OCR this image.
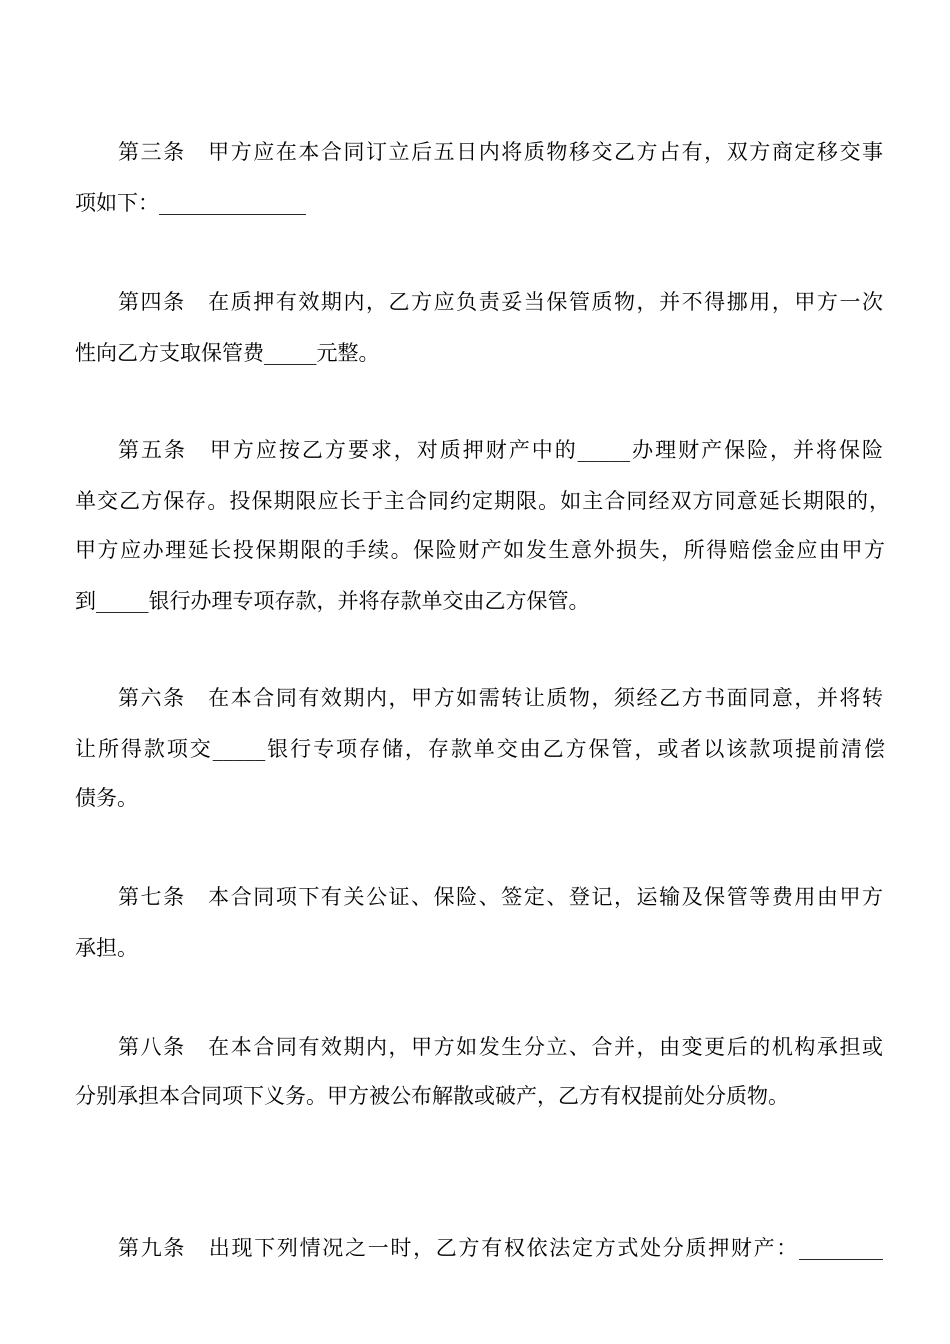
第三条　甲方应在本合同订立后五日内将质物移交乙方占有，双方商定移交事
项如下：______________
第四条　在质押有效期内，乙方应负责妥当保管质物，并不得挪用，甲方一次
性向乙方支取保管费_____元整。
第五条　甲方应按乙方要求，对质押财产中的_____办理财产保险，并将保险
单交乙方保存。投保期限应长于主合同约定期限。如主合同经双方同意延长期限的，
甲方应办理延长投保期限的手续。保险财产如发生意外损失，所得赔偿金应由甲方
到_____银行办理专项存款，并将存款单交由乙方保管。
第六条　在本合同有效期内，甲方如需转让质物，须经乙方书面同意，并将转
让所得款项交_____银行专项存储，存款单交由乙方保管，或者以该款项提前清偿
债务。
第七条　本合同项下有关公证、保险、签定、登记，运输及保管等费用由甲方
承担。
第八条　在本合同有效期内，甲方如发生分立、合并，由变更后的机构承担或
分别承担本合同项下义务。甲方被公布解散或破产，乙方有权提前处分质物。
第九条　出现下列情况之一时，乙方有权依法定方式处分质押财产：________
